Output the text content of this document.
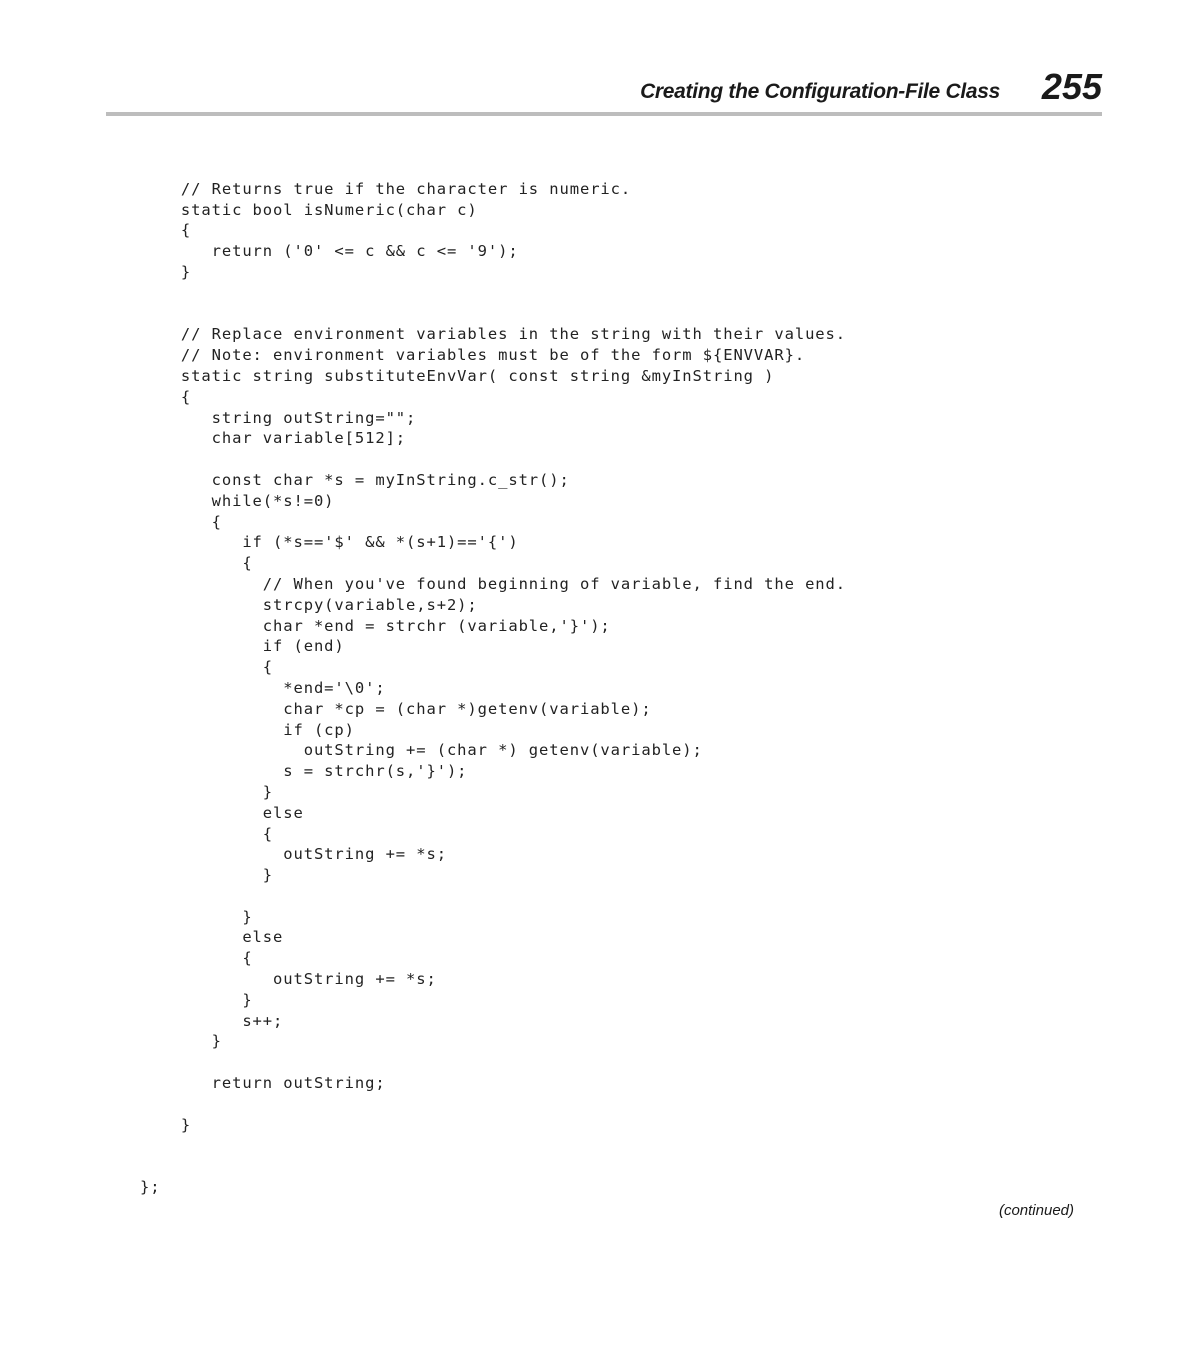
Creating the Configuration-File Class 255
// Returns true if the character is numeric.
static bool isNumeric(char c)
{
return ('0' <= c && c <= '9');
}
// Replace environment variables in the string with their values.
// Note: environment variables must be of the form ${ENVVAR}.
static string substituteEnvVar( const string &myInString )
{
string outString="";
char variable[512];
const char *s = myInString.c_str();
while(*s!=0)
{
if (*s=='$' && *(s+1)=='{')
{
// When you've found beginning of variable, find the end.
strcpy(variable,s+2);
char *end = strchr (variable,'}');
if (end)
{
*end='\0';
char *cp = (char *)getenv(variable);
if (cp)
outString += (char *) getenv(variable);
s = strchr(s,'}');
}
else
{
outString += *s;
}
}
else
{
outString += *s;
}
s++;
}
return outString;
}
};
(continued)
